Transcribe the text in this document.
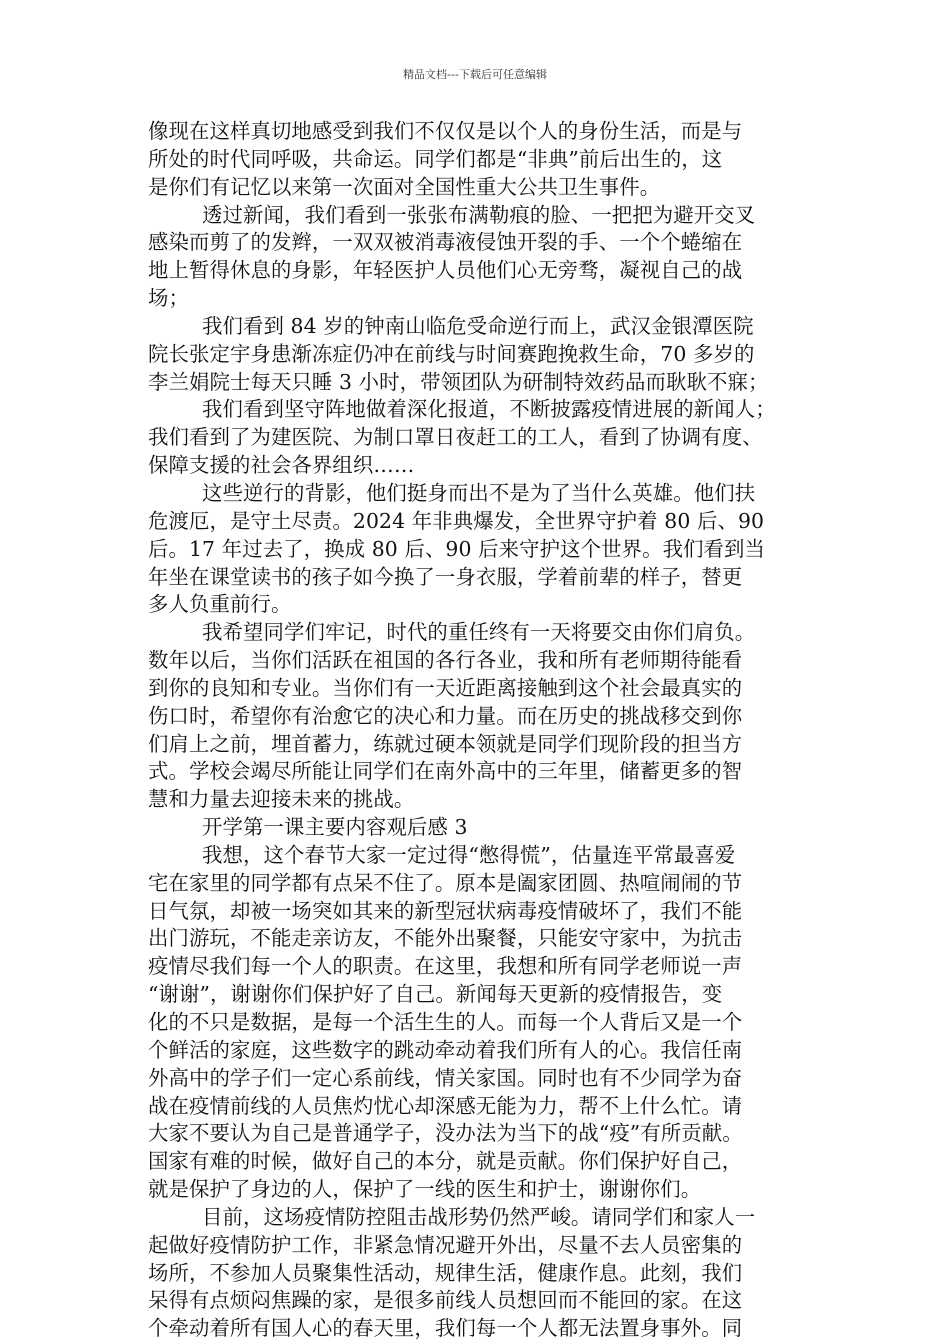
精品文档---下载后可任意编辑
像现在这样真切地感受到我们不仅仅是以个人的身份生活，而是与
所处的时代同呼吸，共命运。同学们都是“非典”前后出生的，这
是你们有记忆以来第一次面对全国性重大公共卫生事件。
透过新闻，我们看到一张张布满勒痕的脸、一把把为避开交叉
感染而剪了的发辫，一双双被消毒液侵蚀开裂的手、一个个蜷缩在
地上暂得休息的身影，年轻医护人员他们心无旁骛，凝视自己的战
场；
我们看到 84 岁的钟南山临危受命逆行而上，武汉金银潭医院
院长张定宇身患渐冻症仍冲在前线与时间赛跑挽救生命，70 多岁的
李兰娟院士每天只睡 3 小时，带领团队为研制特效药品而耿耿不寐；
我们看到坚守阵地做着深化报道，不断披露疫情进展的新闻人；
我们看到了为建医院、为制口罩日夜赶工的工人，看到了协调有度、
保障支援的社会各界组织……
这些逆行的背影，他们挺身而出不是为了当什么英雄。他们扶
危渡厄，是守土尽责。2024 年非典爆发，全世界守护着 80 后、90
后。17 年过去了，换成 80 后、90 后来守护这个世界。我们看到当
年坐在课堂读书的孩子如今换了一身衣服，学着前辈的样子，替更
多人负重前行。
我希望同学们牢记，时代的重任终有一天将要交由你们肩负。
数年以后，当你们活跃在祖国的各行各业，我和所有老师期待能看
到你的良知和专业。当你们有一天近距离接触到这个社会最真实的
伤口时，希望你有治愈它的决心和力量。而在历史的挑战移交到你
们肩上之前，埋首蓄力，练就过硬本领就是同学们现阶段的担当方
式。学校会竭尽所能让同学们在南外高中的三年里，储蓄更多的智
慧和力量去迎接未来的挑战。
开学第一课主要内容观后感 3
我想，这个春节大家一定过得“憋得慌”，估量连平常最喜爱
宅在家里的同学都有点呆不住了。原本是阖家团圆、热喧闹闹的节
日气氛，却被一场突如其来的新型冠状病毒疫情破坏了，我们不能
出门游玩，不能走亲访友，不能外出聚餐，只能安守家中，为抗击
疫情尽我们每一个人的职责。在这里，我想和所有同学老师说一声
“谢谢”，谢谢你们保护好了自己。新闻每天更新的疫情报告，变
化的不只是数据，是每一个活生生的人。而每一个人背后又是一个
个鲜活的家庭，这些数字的跳动牵动着我们所有人的心。我信任南
外高中的学子们一定心系前线，情关家国。同时也有不少同学为奋
战在疫情前线的人员焦灼忧心却深感无能为力，帮不上什么忙。请
大家不要认为自己是普通学子，没办法为当下的战“疫”有所贡献。
国家有难的时候，做好自己的本分，就是贡献。你们保护好自己，
就是保护了身边的人，保护了一线的医生和护士，谢谢你们。
目前，这场疫情防控阻击战形势仍然严峻。请同学们和家人一
起做好疫情防护工作，非紧急情况避开外出，尽量不去人员密集的
场所，不参加人员聚集性活动，规律生活，健康作息。此刻，我们
呆得有点烦闷焦躁的家，是很多前线人员想回而不能回的家。在这
个牵动着所有国人心的春天里，我们每一个人都无法置身事外。同
